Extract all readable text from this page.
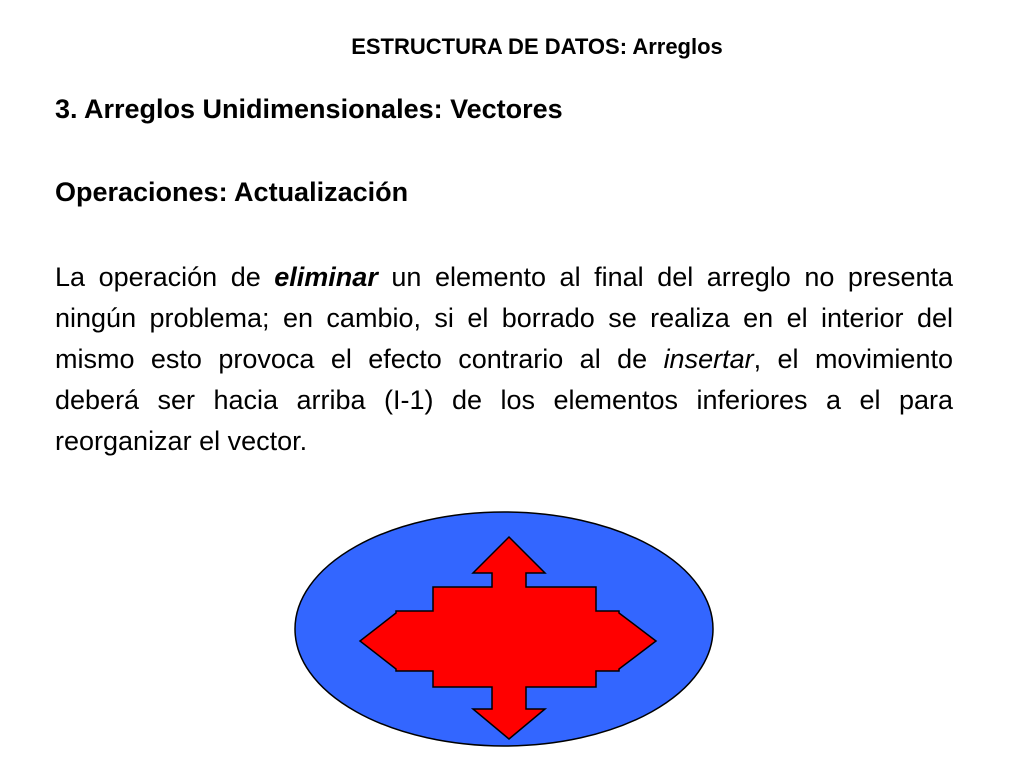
ESTRUCTURA DE DATOS: Arreglos
3. Arreglos Unidimensionales: Vectores
Operaciones: Actualización

La operación de eliminar un elemento al final del arreglo no presenta ningún problema; en cambio, si el borrado se realiza en el interior del mismo esto provoca el efecto contrario al de insertar, el movimiento deberá ser hacia arriba (I-1) de los elementos inferiores a el para reorganizar el vector.
